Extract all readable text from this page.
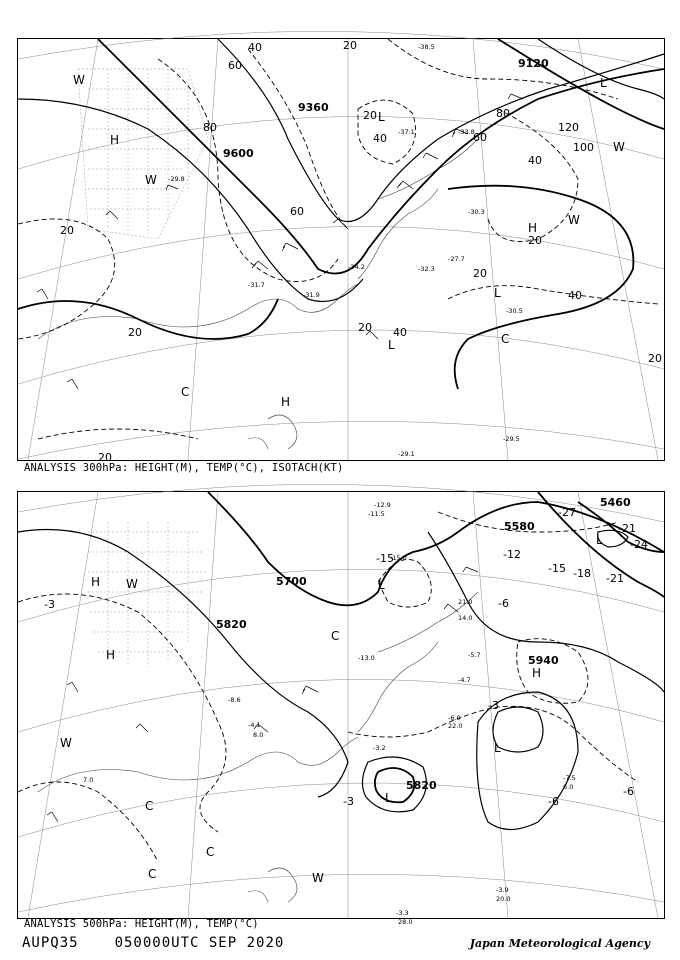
9120
9360
9600
20
20
20
20
20
20
20
20
20
40
40
40
40
40
60
60
60
80
80
100
120
-29.1
-30.5
-31.9
-37.1	-33.8
-38.5
-29.5
-30.3
-27.7
-34.2
-31.7
-32.3
-29.8
H
H
H
L
L
L
L
C
C
W
W
W
W
ANALYSIS 300hPa: HEIGHT(M), TEMP(°C), ISOTACH(KT)
5460
5580
5700
5820
5940
5820
-3
-3
-3	-6
-6
-6
-12
-15
-15 -18
-21
-21
-24
-27
-12.9
-11.5
-15.0
-13.0
-8.6
-5.7
-4.7
-3.3
-3.9
-3.2
-6.0
-4.1
-7.5
28.0
20.0
22.0
21.0
14.0
8.0
7.0
6.0
H
H
H
L
L
L
L
C
C
C
C
W
W
W
ANALYSIS 500hPa: HEIGHT(M), TEMP(°C)
AUPQ35	050000UTC SEP 2020	Japan Meteorological Agency
